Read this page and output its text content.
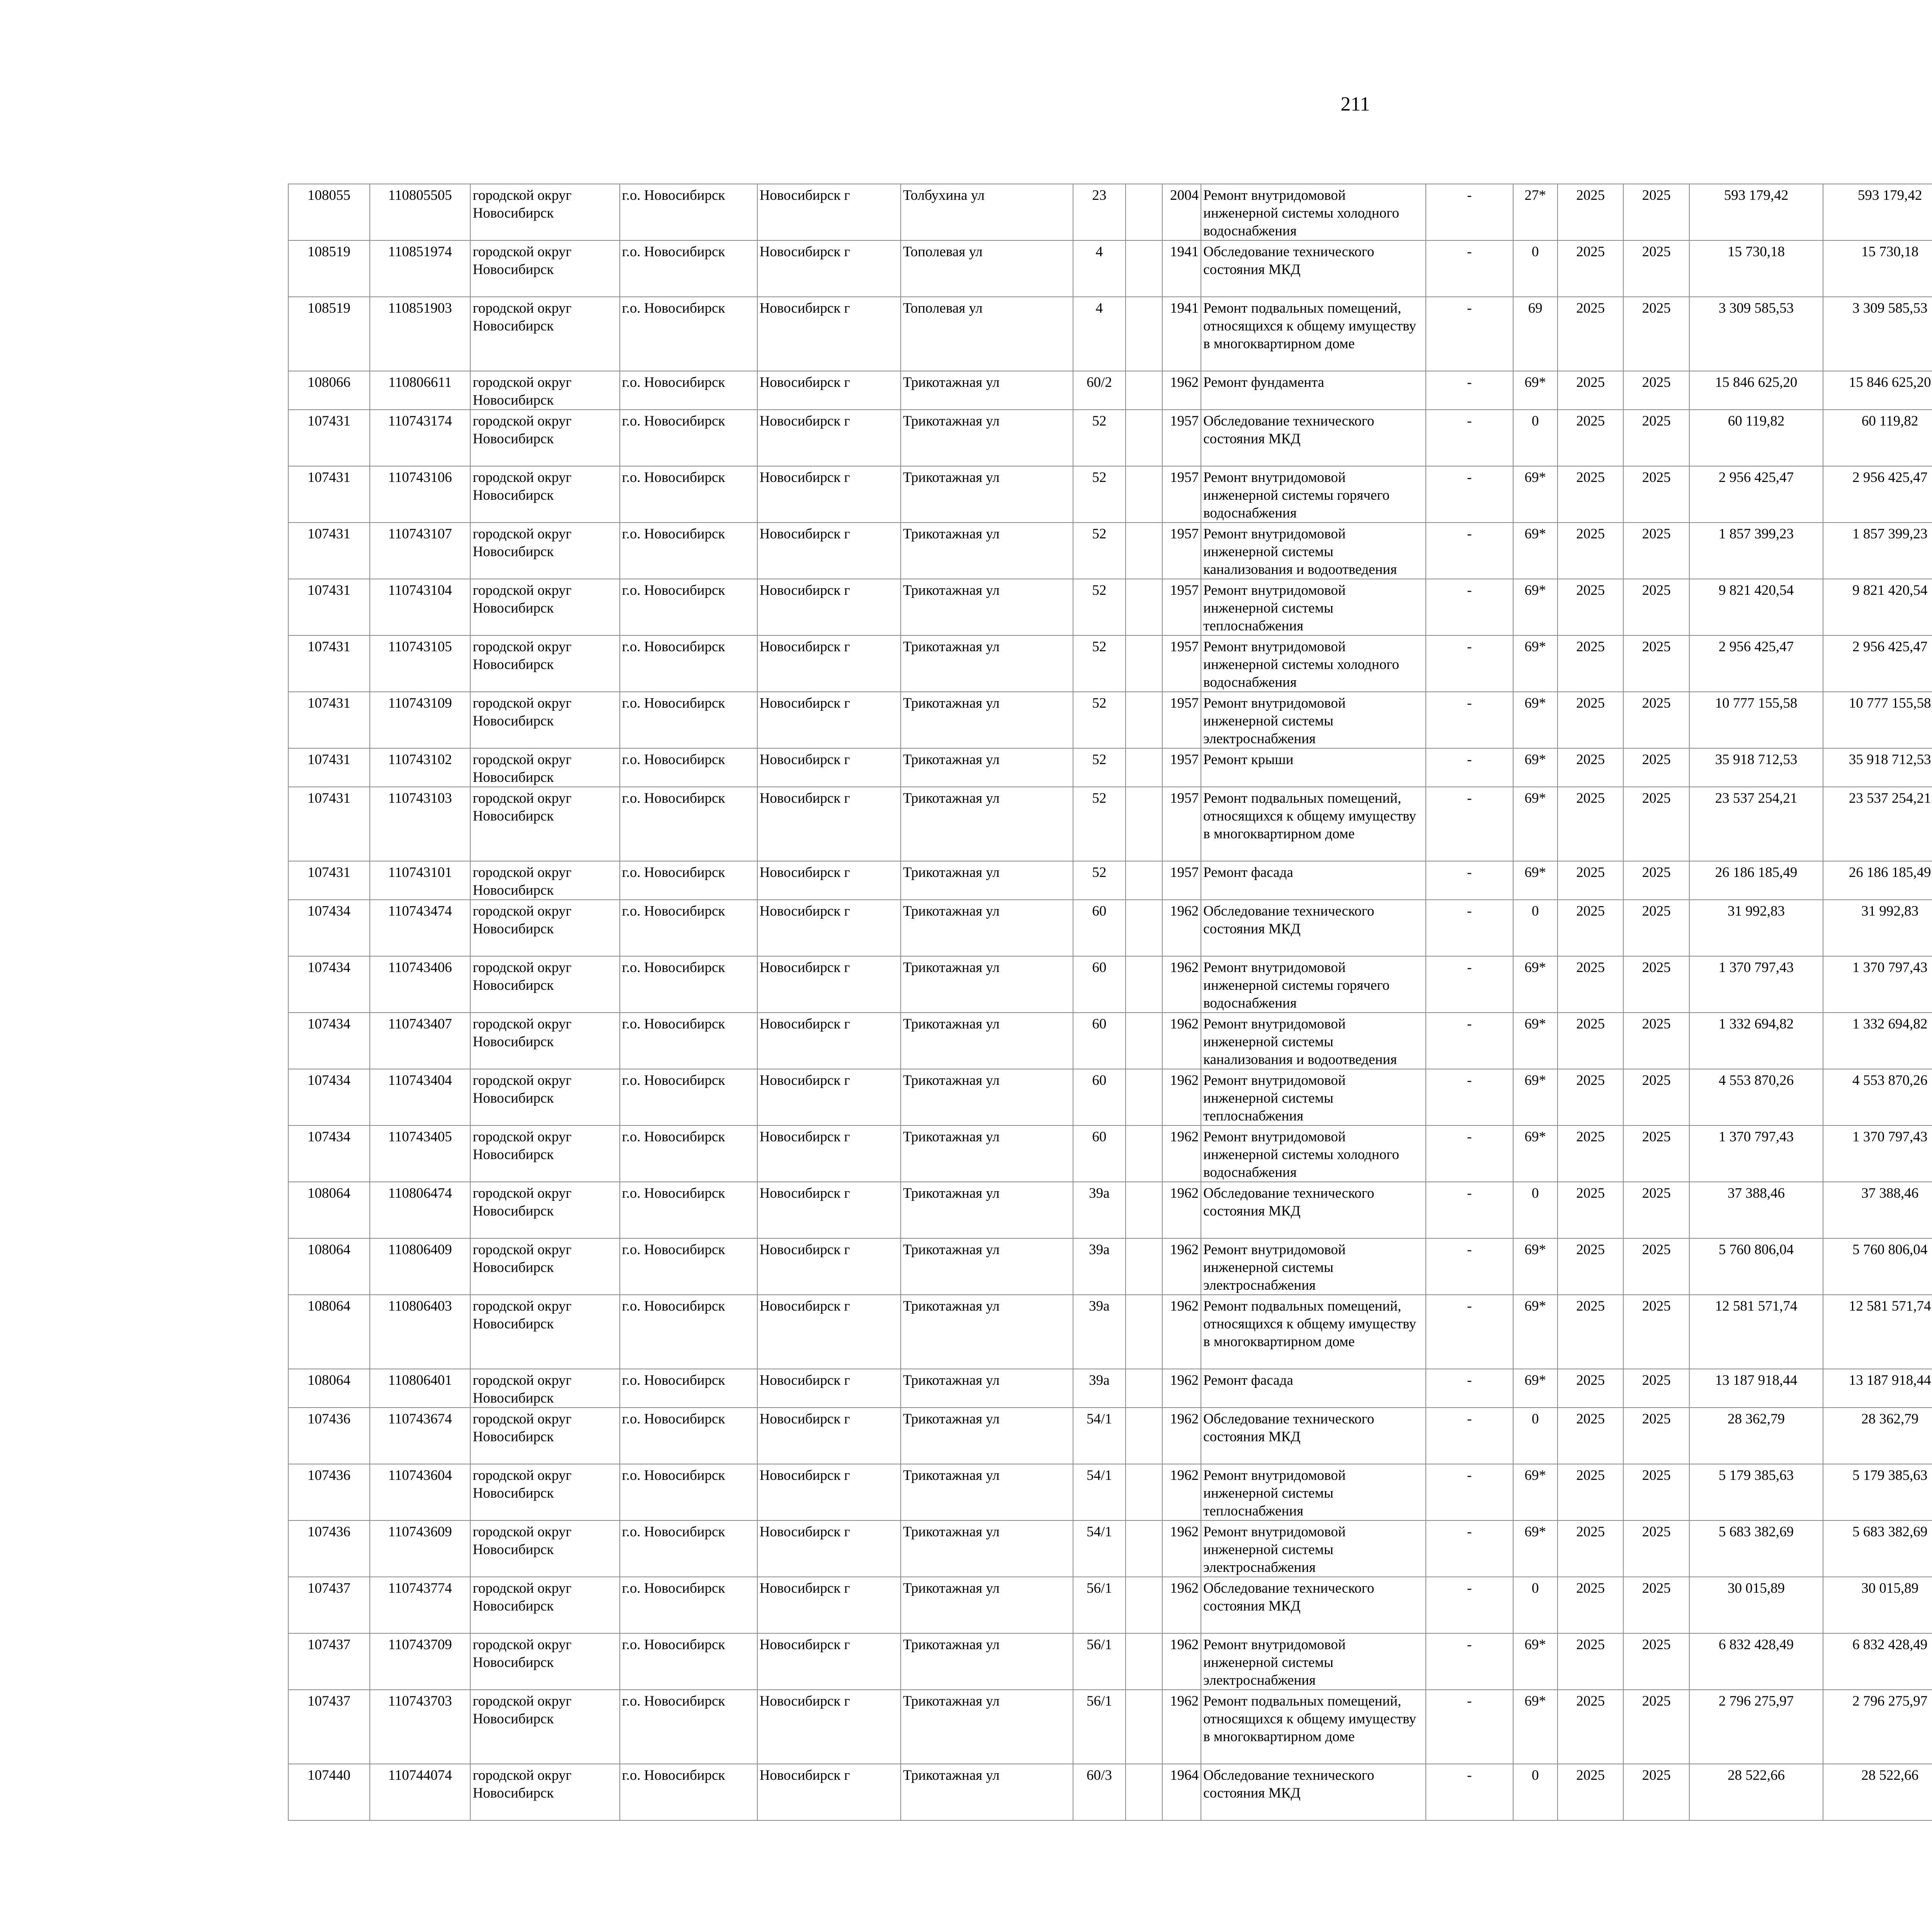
211
108055	110805505	городской округ Новосибирск	г.о. Новосибирск	Новосибирск г	Толбухина ул	23		2004	Ремонт внутридомовой инженерной системы холодного водоснабжения	-	27*	2025	2025	593 179,42	593 179,42						
108519	110851974	городской округ Новосибирск	г.о. Новосибирск	Новосибирск г	Тополевая ул	4		1941	Обследование технического состояния МКД	-	0	2025	2025	15 730,18	15 730,18						
108519	110851903	городской округ Новосибирск	г.о. Новосибирск	Новосибирск г	Тополевая ул	4		1941	Ремонт подвальных помещений, относящихся к общему имуществу в многоквартирном доме	-	69	2025	2025	3 309 585,53	3 309 585,53						
108066	110806611	городской округ Новосибирск	г.о. Новосибирск	Новосибирск г	Трикотажная ул	60/2		1962	Ремонт фундамента	-	69*	2025	2025	15 846 625,20	15 846 625,20						
107431	110743174	городской округ Новосибирск	г.о. Новосибирск	Новосибирск г	Трикотажная ул	52		1957	Обследование технического состояния МКД	-	0	2025	2025	60 119,82	60 119,82						
107431	110743106	городской округ Новосибирск	г.о. Новосибирск	Новосибирск г	Трикотажная ул	52		1957	Ремонт внутридомовой инженерной системы горячего водоснабжения	-	69*	2025	2025	2 956 425,47	2 956 425,47						
107431	110743107	городской округ Новосибирск	г.о. Новосибирск	Новосибирск г	Трикотажная ул	52		1957	Ремонт внутридомовой инженерной системы канализования и водоотведения	-	69*	2025	2025	1 857 399,23	1 857 399,23						
107431	110743104	городской округ Новосибирск	г.о. Новосибирск	Новосибирск г	Трикотажная ул	52		1957	Ремонт внутридомовой инженерной системы теплоснабжения	-	69*	2025	2025	9 821 420,54	9 821 420,54						
107431	110743105	городской округ Новосибирск	г.о. Новосибирск	Новосибирск г	Трикотажная ул	52		1957	Ремонт внутридомовой инженерной системы холодного водоснабжения	-	69*	2025	2025	2 956 425,47	2 956 425,47						
107431	110743109	городской округ Новосибирск	г.о. Новосибирск	Новосибирск г	Трикотажная ул	52		1957	Ремонт внутридомовой инженерной системы электроснабжения	-	69*	2025	2025	10 777 155,58	10 777 155,58						
107431	110743102	городской округ Новосибирск	г.о. Новосибирск	Новосибирск г	Трикотажная ул	52		1957	Ремонт крыши	-	69*	2025	2025	35 918 712,53	35 918 712,53						
107431	110743103	городской округ Новосибирск	г.о. Новосибирск	Новосибирск г	Трикотажная ул	52		1957	Ремонт подвальных помещений, относящихся к общему имуществу в многоквартирном доме	-	69*	2025	2025	23 537 254,21	23 537 254,21						
107431	110743101	городской округ Новосибирск	г.о. Новосибирск	Новосибирск г	Трикотажная ул	52		1957	Ремонт фасада	-	69*	2025	2025	26 186 185,49	26 186 185,49						
107434	110743474	городской округ Новосибирск	г.о. Новосибирск	Новосибирск г	Трикотажная ул	60		1962	Обследование технического состояния МКД	-	0	2025	2025	31 992,83	31 992,83						
107434	110743406	городской округ Новосибирск	г.о. Новосибирск	Новосибирск г	Трикотажная ул	60		1962	Ремонт внутридомовой инженерной системы горячего водоснабжения	-	69*	2025	2025	1 370 797,43	1 370 797,43						
107434	110743407	городской округ Новосибирск	г.о. Новосибирск	Новосибирск г	Трикотажная ул	60		1962	Ремонт внутридомовой инженерной системы канализования и водоотведения	-	69*	2025	2025	1 332 694,82	1 332 694,82						
107434	110743404	городской округ Новосибирск	г.о. Новосибирск	Новосибирск г	Трикотажная ул	60		1962	Ремонт внутридомовой инженерной системы теплоснабжения	-	69*	2025	2025	4 553 870,26	4 553 870,26						
107434	110743405	городской округ Новосибирск	г.о. Новосибирск	Новосибирск г	Трикотажная ул	60		1962	Ремонт внутридомовой инженерной системы холодного водоснабжения	-	69*	2025	2025	1 370 797,43	1 370 797,43						
108064	110806474	городской округ Новосибирск	г.о. Новосибирск	Новосибирск г	Трикотажная ул	39а		1962	Обследование технического состояния МКД	-	0	2025	2025	37 388,46	37 388,46						
108064	110806409	городской округ Новосибирск	г.о. Новосибирск	Новосибирск г	Трикотажная ул	39а		1962	Ремонт внутридомовой инженерной системы электроснабжения	-	69*	2025	2025	5 760 806,04	5 760 806,04						
108064	110806403	городской округ Новосибирск	г.о. Новосибирск	Новосибирск г	Трикотажная ул	39а		1962	Ремонт подвальных помещений, относящихся к общему имуществу в многоквартирном доме	-	69*	2025	2025	12 581 571,74	12 581 571,74						
108064	110806401	городской округ Новосибирск	г.о. Новосибирск	Новосибирск г	Трикотажная ул	39а		1962	Ремонт фасада	-	69*	2025	2025	13 187 918,44	13 187 918,44						
107436	110743674	городской округ Новосибирск	г.о. Новосибирск	Новосибирск г	Трикотажная ул	54/1		1962	Обследование технического состояния МКД	-	0	2025	2025	28 362,79	28 362,79						
107436	110743604	городской округ Новосибирск	г.о. Новосибирск	Новосибирск г	Трикотажная ул	54/1		1962	Ремонт внутридомовой инженерной системы теплоснабжения	-	69*	2025	2025	5 179 385,63	5 179 385,63						
107436	110743609	городской округ Новосибирск	г.о. Новосибирск	Новосибирск г	Трикотажная ул	54/1		1962	Ремонт внутридомовой инженерной системы электроснабжения	-	69*	2025	2025	5 683 382,69	5 683 382,69						
107437	110743774	городской округ Новосибирск	г.о. Новосибирск	Новосибирск г	Трикотажная ул	56/1		1962	Обследование технического состояния МКД	-	0	2025	2025	30 015,89	30 015,89						
107437	110743709	городской округ Новосибирск	г.о. Новосибирск	Новосибирск г	Трикотажная ул	56/1		1962	Ремонт внутридомовой инженерной системы электроснабжения	-	69*	2025	2025	6 832 428,49	6 832 428,49						
107437	110743703	городской округ Новосибирск	г.о. Новосибирск	Новосибирск г	Трикотажная ул	56/1		1962	Ремонт подвальных помещений, относящихся к общему имуществу в многоквартирном доме	-	69*	2025	2025	2 796 275,97	2 796 275,97						
107440	110744074	городской округ Новосибирск	г.о. Новосибирск	Новосибирск г	Трикотажная ул	60/3		1964	Обследование технического состояния МКД	-	0	2025	2025	28 522,66	28 522,66						
